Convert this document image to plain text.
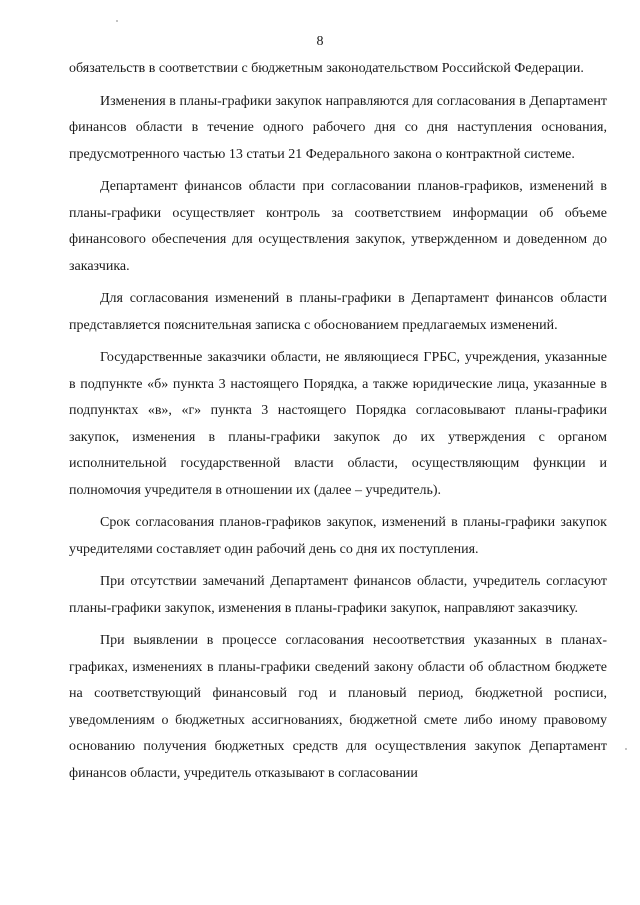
8

обязательств в соответствии с бюджетным законодательством Российской Федерации.

Изменения в планы-графики закупок направляются для согласования в Департамент финансов области в течение одного рабочего дня со дня наступления основания, предусмотренного частью 13 статьи 21 Федерального закона о контрактной системе.

Департамент финансов области при согласовании планов-графиков, изменений в планы-графики осуществляет контроль за соответствием информации об объеме финансового обеспечения для осуществления закупок, утвержденном и доведенном до заказчика.

Для согласования изменений в планы-графики в Департамент финансов области представляется пояснительная записка с обоснованием предлагаемых изменений.

Государственные заказчики области, не являющиеся ГРБС, учреждения, указанные в подпункте «б» пункта 3 настоящего Порядка, а также юридические лица, указанные в подпунктах «в», «г» пункта 3 настоящего Порядка согласовывают планы-графики закупок, изменения в планы-графики закупок до их утверждения с органом исполнительной государственной власти области, осуществляющим функции и полномочия учредителя в отношении их (далее – учредитель).

Срок согласования планов-графиков закупок, изменений в планы-графики закупок учредителями составляет один рабочий день со дня их поступления.

При отсутствии замечаний Департамент финансов области, учредитель согласуют планы-графики закупок, изменения в планы-графики закупок, направляют заказчику.

При выявлении в процессе согласования несоответствия указанных в планах-графиках, изменениях в планы-графики сведений закону области об областном бюджете на соответствующий финансовый год и плановый период, бюджетной росписи, уведомлениям о бюджетных ассигнованиях, бюджетной смете либо иному правовому основанию получения бюджетных средств для осуществления закупок Департамент финансов области, учредитель отказывают в согласовании
